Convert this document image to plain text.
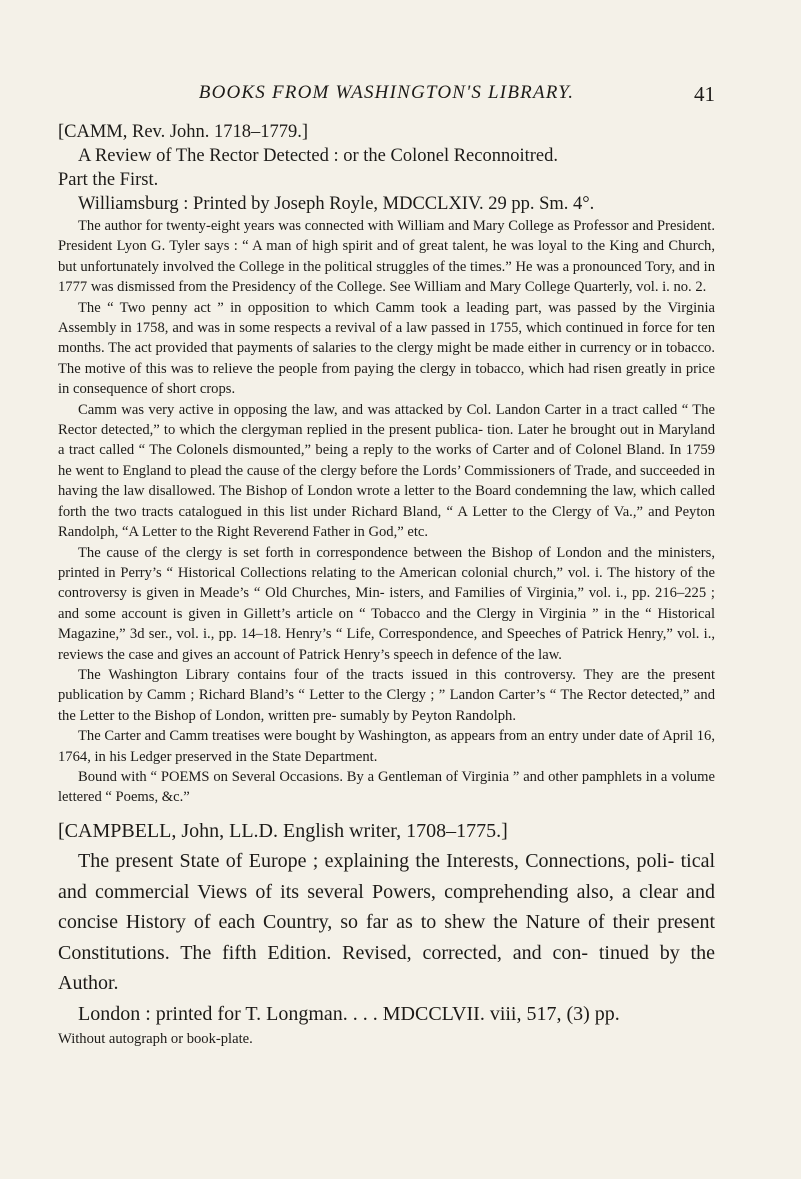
BOOKS FROM WASHINGTON'S LIBRARY.	41

[CAMM, Rev. John. 1718–1779.]

A Review of The Rector Detected : or the Colonel Reconnoitred.

Part the First.

Williamsburg : Printed by Joseph Royle, MDCCLXIV. 29 pp. Sm. 4°.

The author for twenty-eight years was connected with William and Mary College as Professor and President. President Lyon G. Tyler says : “ A man of high spirit and of great talent, he was loyal to the King and Church, but unfortunately involved the College in the political struggles of the times.” He was a pronounced Tory, and in 1777 was dismissed from the Presidency of the College. See William and Mary College Quarterly, vol. i. no. 2.

The “ Two penny act ” in opposition to which Camm took a leading part, was passed by the Virginia Assembly in 1758, and was in some respects a revival of a law passed in 1755, which continued in force for ten months. The act provided that payments of salaries to the clergy might be made either in currency or in tobacco. The motive of this was to relieve the people from paying the clergy in tobacco, which had risen greatly in price in consequence of short crops.

Camm was very active in opposing the law, and was attacked by Col. Landon Carter in a tract called “ The Rector detected,” to which the clergyman replied in the present publica- tion. Later he brought out in Maryland a tract called “ The Colonels dismounted,” being a reply to the works of Carter and of Colonel Bland. In 1759 he went to England to plead the cause of the clergy before the Lords’ Commissioners of Trade, and succeeded in having the law disallowed. The Bishop of London wrote a letter to the Board condemning the law, which called forth the two tracts catalogued in this list under Richard Bland, “ A Letter to the Clergy of Va.,” and Peyton Randolph, “A Letter to the Right Reverend Father in God,” etc.

The cause of the clergy is set forth in correspondence between the Bishop of London and the ministers, printed in Perry’s “ Historical Collections relating to the American colonial church,” vol. i. The history of the controversy is given in Meade’s “ Old Churches, Min- isters, and Families of Virginia,” vol. i., pp. 216–225 ; and some account is given in Gillett’s article on “ Tobacco and the Clergy in Virginia ” in the “ Historical Magazine,” 3d ser., vol. i., pp. 14–18. Henry’s “ Life, Correspondence, and Speeches of Patrick Henry,” vol. i., reviews the case and gives an account of Patrick Henry’s speech in defence of the law.

The Washington Library contains four of the tracts issued in this controversy. They are the present publication by Camm ; Richard Bland’s “ Letter to the Clergy ; ” Landon Carter’s “ The Rector detected,” and the Letter to the Bishop of London, written pre- sumably by Peyton Randolph.

The Carter and Camm treatises were bought by Washington, as appears from an entry under date of April 16, 1764, in his Ledger preserved in the State Department.

Bound with “ POEMS on Several Occasions. By a Gentleman of Virginia ” and other pamphlets in a volume lettered “ Poems, &c.”

[CAMPBELL, John, LL.D. English writer, 1708–1775.]

The present State of Europe ; explaining the Interests, Connections, poli- tical and commercial Views of its several Powers, comprehending also, a clear and concise History of each Country, so far as to shew the Nature of their present Constitutions. The fifth Edition. Revised, corrected, and con- tinued by the Author.

London : printed for T. Longman. . . . MDCCLVII. viii, 517, (3) pp.

Without autograph or book-plate.
